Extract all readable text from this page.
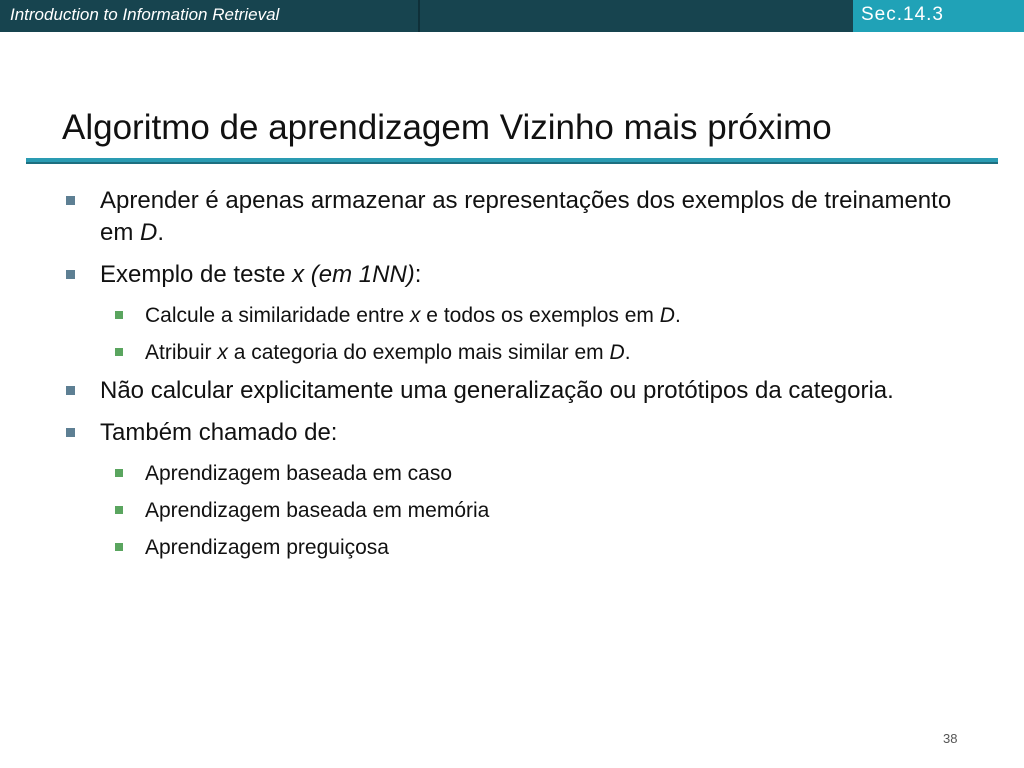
Introduction to Information Retrieval	Sec.14.3
Algoritmo de aprendizagem Vizinho mais próximo
Aprender é apenas armazenar as representações dos exemplos de treinamento em D.
Exemplo de teste x (em 1NN):
Calcule a similaridade entre x e todos os exemplos em D.
Atribuir x a categoria do exemplo mais similar em D.
Não calcular explicitamente uma generalização ou protótipos da categoria.
Também chamado de:
Aprendizagem baseada em caso
Aprendizagem baseada em memória
Aprendizagem preguiçosa
38
